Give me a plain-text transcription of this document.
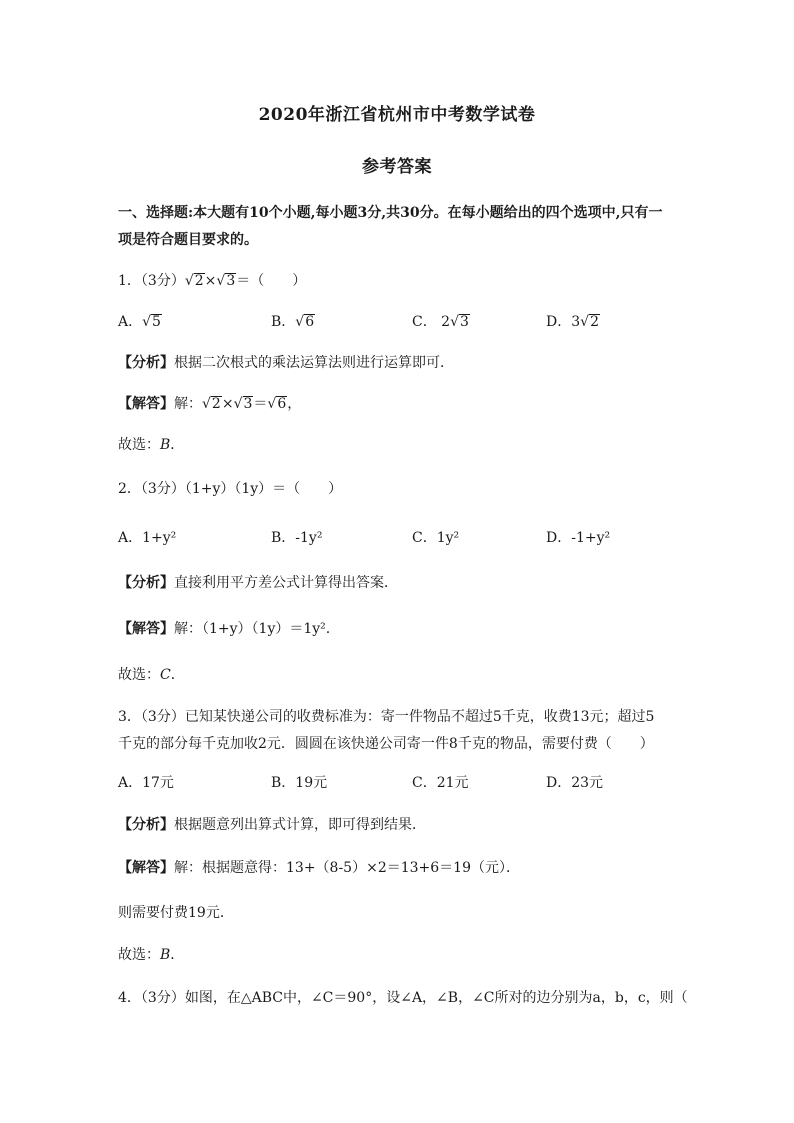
2020年浙江省杭州市中考数学试卷
参考答案
一、选择题:本大题有10个小题,每小题3分,共30分。在每小题给出的四个选项中,只有一
项是符合题目要求的。
1．（3分）√2×√3＝（　　）
A．√5	B．√6	C． 2√3	D．3√2
【分析】根据二次根式的乘法运算法则进行运算即可．
【解答】解：√2×√3＝√6，
故选：B．
2．（3分）（1+y）（1y）＝（　　）
A．1+y²	B．-1y²	C．1y²	D．-1+y²
【分析】直接利用平方差公式计算得出答案．
【解答】解：（1+y）（1y）＝1y².
故选：C．
3．（3分）已知某快递公司的收费标准为：寄一件物品不超过5千克，收费13元；超过5
千克的部分每千克加收2元．圆圆在该快递公司寄一件8千克的物品，需要付费（　　）
A．17元	B．19元	C．21元	D．23元
【分析】根据题意列出算式计算，即可得到结果．
【解答】解：根据题意得：13+（8-5）×2＝13+6＝19（元）．
则需要付费19元．
故选：B．
4．（3分）如图，在△ABC中，∠C＝90°，设∠A，∠B，∠C所对的边分别为a，b，c，则（
